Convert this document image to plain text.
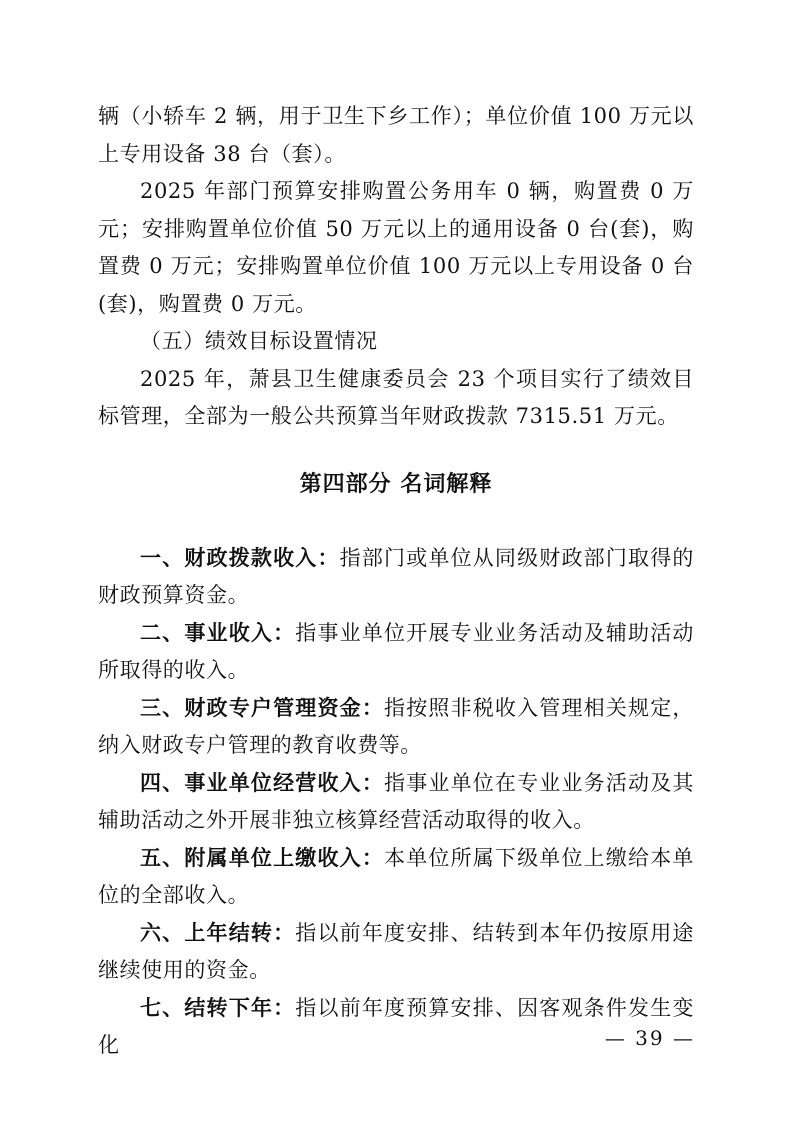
辆（小轿车 2 辆，用于卫生下乡工作）；单位价值 100 万元以上专用设备 38 台（套）。

2025 年部门预算安排购置公务用车 0 辆，购置费 0 万元；安排购置单位价值 50 万元以上的通用设备 0 台(套)，购置费 0 万元；安排购置单位价值 100 万元以上专用设备 0 台(套)，购置费 0 万元。

（五）绩效目标设置情况

2025 年，萧县卫生健康委员会 23 个项目实行了绩效目标管理，全部为一般公共预算当年财政拨款 7315.51 万元。

第四部分 名词解释

一、财政拨款收入：指部门或单位从同级财政部门取得的财政预算资金。

二、事业收入：指事业单位开展专业业务活动及辅助活动所取得的收入。

三、财政专户管理资金：指按照非税收入管理相关规定，纳入财政专户管理的教育收费等。

四、事业单位经营收入：指事业单位在专业业务活动及其辅助活动之外开展非独立核算经营活动取得的收入。

五、附属单位上缴收入：本单位所属下级单位上缴给本单位的全部收入。

六、上年结转：指以前年度安排、结转到本年仍按原用途继续使用的资金。

七、结转下年：指以前年度预算安排、因客观条件发生变化	— 39 —
